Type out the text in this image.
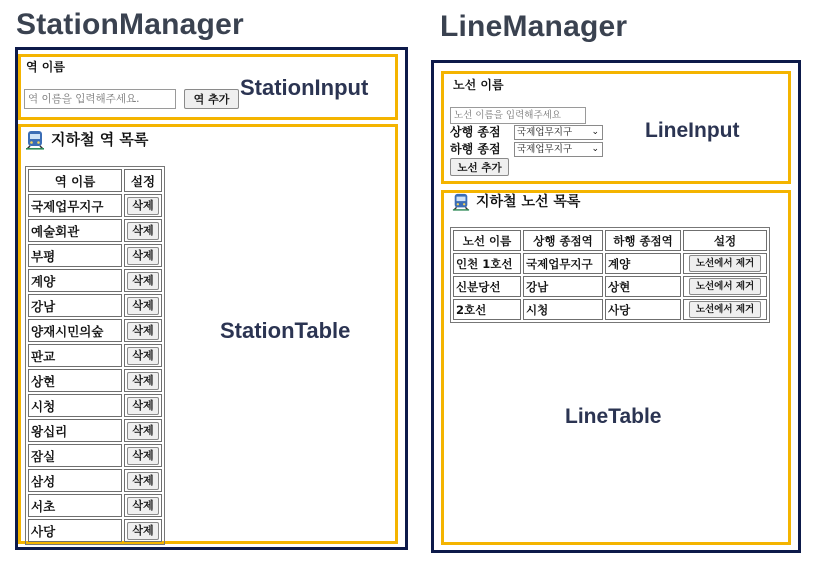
StationManager	LineManager
역 이름
역 이름을 입력해주세요.
역 추가 StationInput
지하철 역 목록
역 이름	설정
국제업무지구	삭제
예술회관	삭제
부평	삭제
계양	삭제
강남	삭제
양재시민의숲	삭제
판교	삭제
상현	삭제
시청	삭제
왕십리	삭제
잠실	삭제
삼성	삭제
서초	삭제
사당	삭제
StationTable
노선 이름
노선 이름을 입력해주세요
상행 종점	국제업무지구 ⌄
하행 종점	국제업무지구 ⌄
노선 추가
LineInput
지하철 노선 목록
노선 이름	상행 종점역	하행 종점역	설정
인천 1호선	국제업무지구	계양	노선에서 제거
신분당선	강남	상현	노선에서 제거
2호선	시청	사당	노선에서 제거
LineTable
